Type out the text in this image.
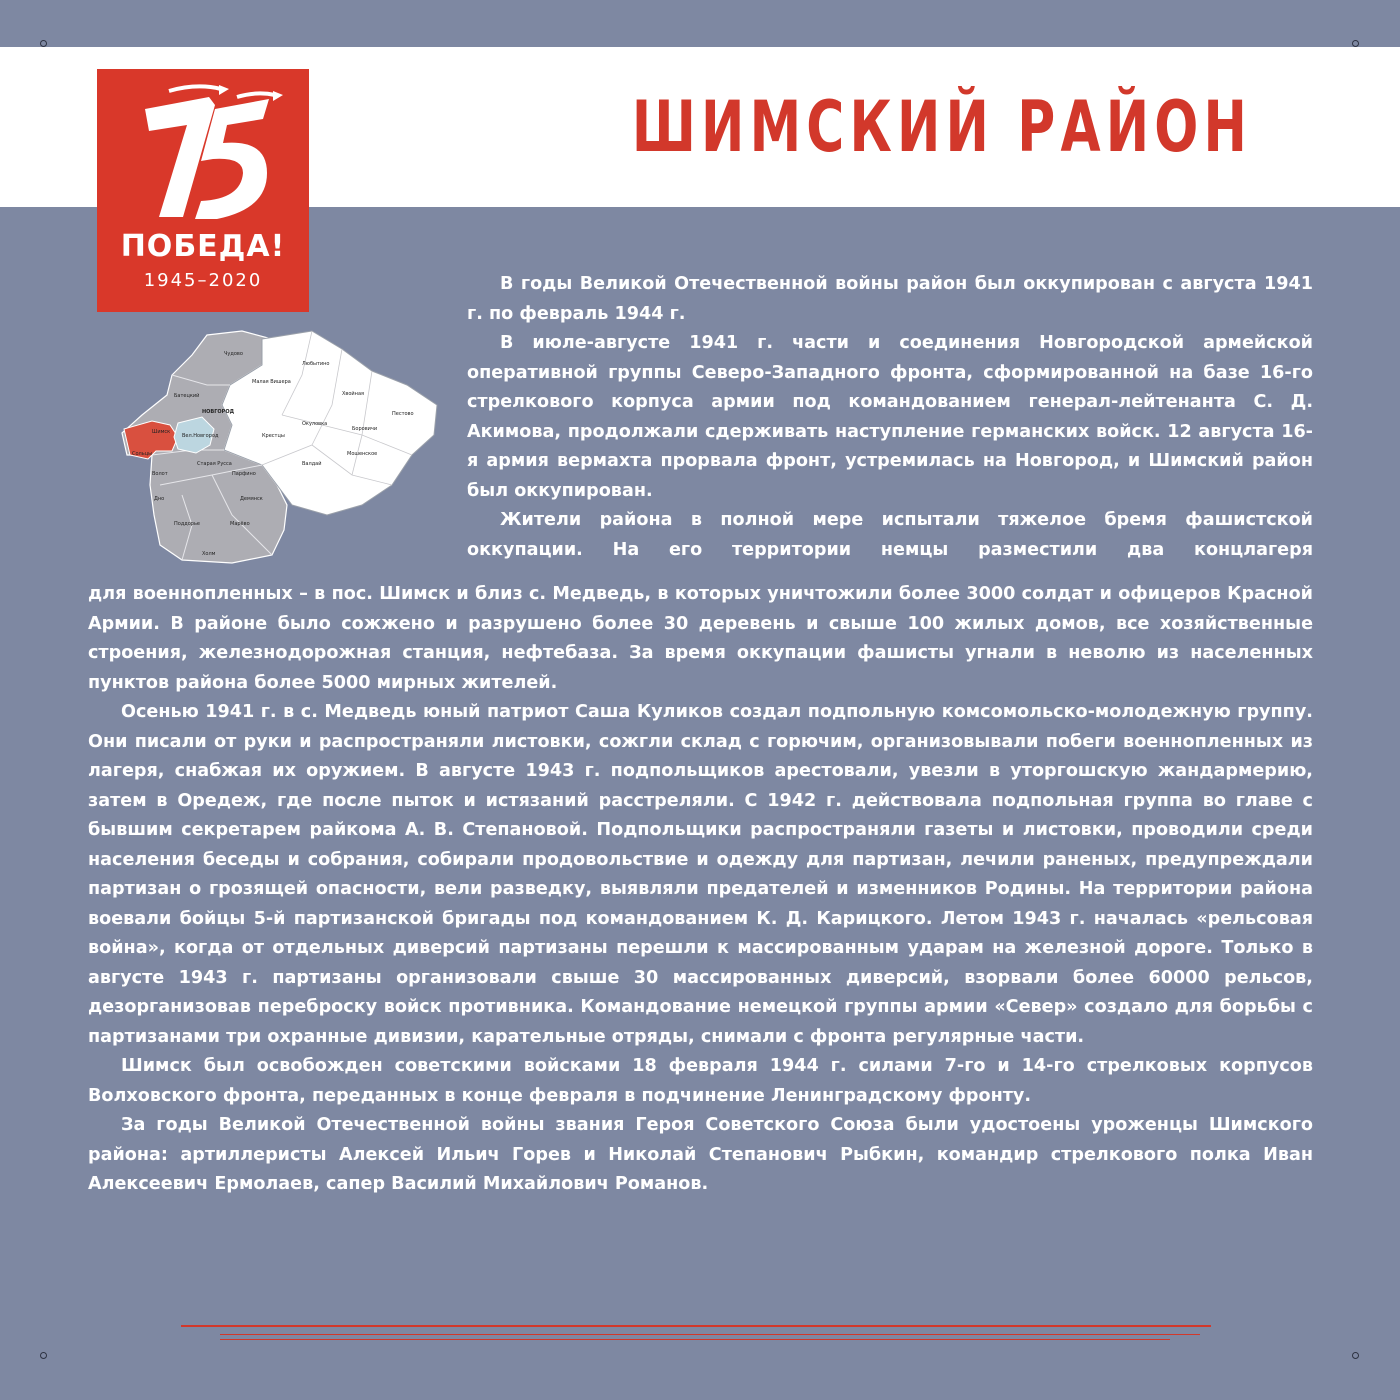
ШИМСКИЙ РАЙОН
ПОБЕДА!
1945–2020
Чудово
Батецкий
НОВГОРОД
Вел.Новгород
Шимск
Сольцы
Волот
Старая Русса
Дно
Парфино
Поддорье
Демянск
Марёво
Холм
Малая Вишера
Любытино
Пестово
Хвойная
Окуловка
Боровичи
Крестцы
Валдай
Мошенское

В годы Великой Отечественной войны район был оккупирован с августа 1941 г. по февраль 1944 г.

В июле-августе 1941 г. части и соединения Новгородской армейской оперативной группы Северо-Западного фронта, сформированной на базе 16-го стрелкового корпуса армии под командованием генерал-лейтенанта С. Д. Акимова, продолжали сдерживать наступление германских войск. 12 августа 16-я армия вермахта прорвала фронт, устремилась на Новгород, и Шимский район был оккупирован.

Жители района в полной мере испытали тяжелое бремя фашистской оккупации. На его территории немцы разместили два концлагеря

для военнопленных – в пос. Шимск и близ с. Медведь, в которых уничтожили более 3000 солдат и офицеров Красной Армии. В районе было сожжено и разрушено более 30 деревень и свыше 100 жилых домов, все хозяйственные строения, железнодорожная станция, нефтебаза. За время оккупации фашисты угнали в неволю из населенных пунктов района более 5000 мирных жителей.

Осенью 1941 г. в с. Медведь юный патриот Саша Куликов создал подпольную комсомольско-молодежную группу. Они писали от руки и распространяли листовки, сожгли склад с горючим, организовывали побеги военнопленных из лагеря, снабжая их оружием. В августе 1943 г. подпольщиков арестовали, увезли в уторгошскую жандармерию, затем в Оредеж, где после пыток и истязаний расстреляли. С 1942 г. действовала подпольная группа во главе с бывшим секретарем райкома А. В. Степановой. Подпольщики распространяли газеты и листовки, проводили среди населения беседы и собрания, собирали продовольствие и одежду для партизан, лечили раненых, предупреждали партизан о грозящей опасности, вели разведку, выявляли предателей и изменников Родины. На территории района воевали бойцы 5-й партизанской бригады под командованием К. Д. Карицкого. Летом 1943 г. началась «рельсовая война», когда от отдельных диверсий партизаны перешли к массированным ударам на железной дороге. Только в августе 1943 г. партизаны организовали свыше 30 массированных диверсий, взорвали более 60000 рельсов, дезорганизовав переброску войск противника. Командование немецкой группы армии «Север» создало для борьбы с партизанами три охранные дивизии, карательные отряды, снимали с фронта регулярные части.

Шимск был освобожден советскими войсками 18 февраля 1944 г. силами 7-го и 14-го стрелковых корпусов Волховского фронта, переданных в конце февраля в подчинение Ленинградскому фронту.

За годы Великой Отечественной войны звания Героя Советского Союза были удостоены уроженцы Шимского района: артиллеристы Алексей Ильич Горев и Николай Степанович Рыбкин, командир стрелкового полка Иван Алексеевич Ермолаев, сапер Василий Михайлович Романов.
